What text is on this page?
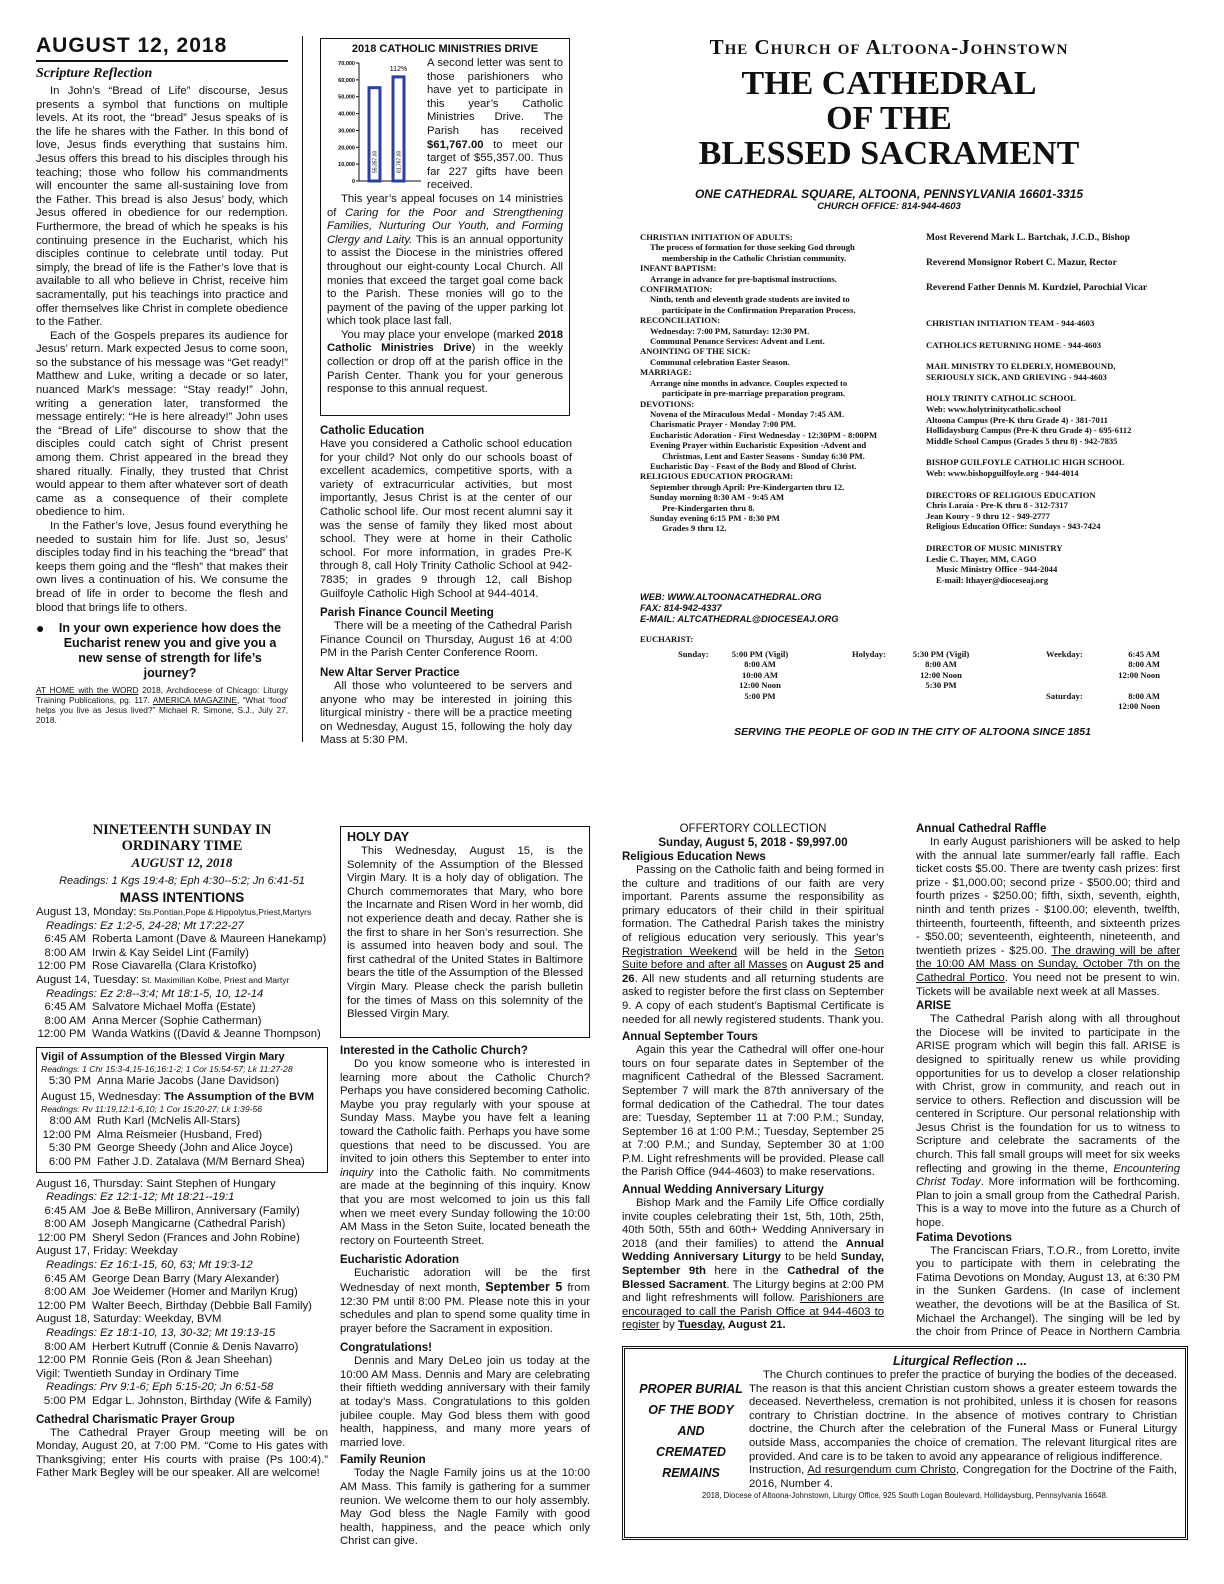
AUGUST 12, 2018
Scripture Reflection

In John’s “Bread of Life” discourse, Jesus presents a symbol that functions on multiple levels. At its root, the “bread” Jesus speaks of is the life he shares with the Father. In this bond of love, Jesus finds everything that sustains him. Jesus offers this bread to his disciples through his teaching; those who follow his commandments will encounter the same all-sustaining love from the Father. This bread is also Jesus’ body, which Jesus offered in obedience for our redemption. Furthermore, the bread of which he speaks is his continuing presence in the Eucharist, which his disciples continue to celebrate until today. Put simply, the bread of life is the Father’s love that is available to all who believe in Christ, receive him sacramentally, put his teachings into practice and offer themselves like Christ in complete obedience to the Father.

Each of the Gospels prepares its audience for Jesus’ return. Mark expected Jesus to come soon, so the substance of his message was “Get ready!” Matthew and Luke, writing a decade or so later, nuanced Mark’s message: “Stay ready!” John, writing a generation later, transformed the message entirely: “He is here already!” John uses the “Bread of Life” discourse to show that the disciples could catch sight of Christ present among them. Christ appeared in the bread they shared ritually. Finally, they trusted that Christ would appear to them after whatever sort of death came as a consequence of their complete obedience to him.

In the Father’s love, Jesus found everything he needed to sustain him for life. Just so, Jesus’ disciples today find in his teaching the “bread” that keeps them going and the “flesh” that makes their own lives a continuation of his. We consume the bread of life in order to become the flesh and blood that brings life to others.

●	In your own experience how does the Eucharist renew you and give you a new sense of strength for life’s journey?
AT HOME with the WORD 2018, Archdiocese of Chicago: Liturgy Training Publications, pg. 117. AMERICA MAGAZINE, “What ‘food’ helps you live as Jesus lived?” Michael R. Simone, S.J., July 27, 2018.
2018 CATHOLIC MINISTRIES DRIVE
0
10,000
20,000
30,000
40,000
50,000
60,000
70,000
55,357.00	61,767.00
112%

A second letter was sent to those parishioners who have yet to participate in this year’s Catholic Ministries Drive. The Parish has received $61,767.00 to meet our target of $55,357.00. Thus far 227 gifts have been received.

This year’s appeal focuses on 14 ministries of Caring for the Poor and Strengthening Families, Nurturing Our Youth, and Forming Clergy and Laity. This is an annual opportunity to assist the Diocese in the ministries offered throughout our eight-county Local Church. All monies that exceed the target goal come back to the Parish. These monies will go to the payment of the paving of the upper parking lot which took place last fall.

You may place your envelope (marked 2018 Catholic Ministries Drive) in the weekly collection or drop off at the parish office in the Parish Center. Thank you for your generous response to this annual request.

Catholic Education

Have you considered a Catholic school education for your child? Not only do our schools boast of excellent academics, competitive sports, with a variety of extracurricular activities, but most importantly, Jesus Christ is at the center of our Catholic school life. Our most recent alumni say it was the sense of family they liked most about school. They were at home in their Catholic school. For more information, in grades Pre-K through 8, call Holy Trinity Catholic School at 942-7835; in grades 9 through 12, call Bishop Guilfoyle Catholic High School at 944-4014.

Parish Finance Council Meeting

There will be a meeting of the Cathedral Parish Finance Council on Thursday, August 16 at 4:00 PM in the Parish Center Conference Room.

New Altar Server Practice

All those who volunteered to be servers and anyone who may be interested in joining this liturgical ministry - there will be a practice meeting on Wednesday, August 15, following the holy day Mass at 5:30 PM.

The Church of Altoona-Johnstown
THE CATHEDRAL
OF THE
BLESSED SACRAMENT
ONE CATHEDRAL SQUARE, ALTOONA, PENNSYLVANIA 16601-3315
CHURCH OFFICE: 814-944-4603
CHRISTIAN INITIATION OF ADULTS:
The process of formation for those seeking God through
membership in the Catholic Christian community.
INFANT BAPTISM:
Arrange in advance for pre-baptismal instructions.
CONFIRMATION:
Ninth, tenth and eleventh grade students are invited to
participate in the Confirmation Preparation Process.
RECONCILIATION:
Wednesday: 7:00 PM, Saturday: 12:30 PM.
Communal Penance Services: Advent and Lent.
ANOINTING OF THE SICK:
Communal celebration Easter Season.
MARRIAGE:
Arrange nine months in advance. Couples expected to
participate in pre-marriage preparation program.
DEVOTIONS:
Novena of the Miraculous Medal - Monday 7:45 AM.
Charismatic Prayer - Monday 7:00 PM.
Eucharistic Adoration - First Wednesday - 12:30PM - 8:00PM
Evening Prayer within Eucharistic Exposition -Advent and
Christmas, Lent and Easter Seasons - Sunday 6:30 PM.
Eucharistic Day - Feast of the Body and Blood of Christ.
RELIGIOUS EDUCATION PROGRAM:
September through April: Pre-Kindergarten thru 12.
Sunday morning 8:30 AM - 9:45 AM
Pre-Kindergarten thru 8.
Sunday evening 6:15 PM - 8:30 PM
Grades 9 thru 12.
WEB: WWW.ALTOONACATHEDRAL.ORG
FAX: 814-942-4337
E-MAIL: ALTCATHEDRAL@DIOCESEAJ.ORG
Most Reverend Mark L. Bartchak, J.C.D., Bishop
Reverend Monsignor Robert C. Mazur, Rector
Reverend Father Dennis M. Kurdziel, Parochial Vicar
CHRISTIAN INITIATION TEAM - 944-4603
CATHOLICS RETURNING HOME - 944-4603
MAIL MINISTRY TO ELDERLY, HOMEBOUND,
SERIOUSLY SICK, AND GRIEVING - 944-4603
HOLY TRINITY CATHOLIC SCHOOL
Web: www.holytrinitycatholic.school
Altoona Campus (Pre-K thru Grade 4) - 381-7011
Hollidaysburg Campus (Pre-K thru Grade 4) - 695-6112
Middle School Campus (Grades 5 thru 8) - 942-7835
BISHOP GUILFOYLE CATHOLIC HIGH SCHOOL
Web: www.bishopguilfoyle.org - 944-4014
DIRECTORS OF RELIGIOUS EDUCATION
Chris Laraia - Pre-K thru 8 - 312-7317
Jean Koury - 9 thru 12 - 949-2777
Religious Education Office: Sundays - 943-7424
DIRECTOR OF MUSIC MINISTRY
Leslie C. Thayer, MM, CAGO
Music Ministry Office - 944-2044
E-mail: lthayer@dioceseaj.org
EUCHARIST:
Sunday:	5:00 PM (Vigil)
8:00 AM
10:00 AM
12:00 Noon
5:00 PM
Holyday:	5:30 PM (Vigil)
8:00 AM
12:00 Noon
5:30 PM
Weekday:	6:45 AM
8:00 AM
12:00 Noon
Saturday:	8:00 AM
12:00 Noon
SERVING THE PEOPLE OF GOD IN THE CITY OF ALTOONA SINCE 1851
NINETEENTH SUNDAY IN
ORDINARY TIME
AUGUST 12, 2018
Readings: 1 Kgs 19:4-8; Eph 4:30--5:2; Jn 6:41-51
MASS INTENTIONS
August 13, Monday: Sts.Pontian,Pope & Hippolytus,Priest,Martyrs
Readings: Ez 1:2-5, 24-28; Mt 17:22-27
6:45 AM	Roberta Lamont (Dave & Maureen Hanekamp)
8:00 AM	Irwin & Kay Seidel Lint (Family)
12:00 PM	Rose Ciavarella (Clara Kristofko)
August 14, Tuesday: St. Maximilian Kolbe, Priest and Martyr
Readings: Ez 2:8--3:4; Mt 18:1-5, 10, 12-14
6:45 AM	Salvatore Michael Moffa (Estate)
8:00 AM	Anna Mercer (Sophie Catherman)
12:00 PM	Wanda Watkins ((David & Jeanne Thompson)
Vigil of Assumption of the Blessed Virgin Mary
Readings: 1 Chr 15:3-4,15-16;16:1-2; 1 Cor 15:54-57; Lk 11:27-28
5:30 PM	Anna Marie Jacobs (Jane Davidson)
August 15, Wednesday: The Assumption of the BVM
Readings: Rv 11:19,12:1-6,10; 1 Cor 15:20-27; Lk 1:39-56
8:00 AM	Ruth Karl (McNelis All-Stars)
12:00 PM	Alma Reismeier (Husband, Fred)
5:30 PM	George Sheedy (John and Alice Joyce)
6:00 PM	Father J.D. Zatalava (M/M Bernard Shea)
August 16, Thursday: Saint Stephen of Hungary
Readings: Ez 12:1-12; Mt 18:21--19:1
6:45 AM	Joe & BeBe Milliron, Anniversary (Family)
8:00 AM	Joseph Mangicarne (Cathedral Parish)
12:00 PM	Sheryl Sedon (Frances and John Robine)
August 17, Friday: Weekday
Readings: Ez 16:1-15, 60, 63; Mt 19:3-12
6:45 AM	George Dean Barry (Mary Alexander)
8:00 AM	Joe Weidemer (Homer and Marilyn Krug)
12:00 PM	Walter Beech, Birthday (Debbie Ball Family)
August 18, Saturday: Weekday, BVM
Readings: Ez 18:1-10, 13, 30-32; Mt 19:13-15
8:00 AM	Herbert Kutruff (Connie & Denis Navarro)
12:00 PM	Ronnie Geis (Ron & Jean Sheehan)
Vigil: Twentieth Sunday in Ordinary Time
Readings: Prv 9:1-6; Eph 5:15-20; Jn 6:51-58
5:00 PM	Edgar L. Johnston, Birthday (Wife & Family)
Cathedral Charismatic Prayer Group

The Cathedral Prayer Group meeting will be on Monday, August 20, at 7:00 PM. “Come to His gates with Thanksgiving; enter His courts with praise (Ps 100:4).” Father Mark Begley will be our speaker. All are welcome!

HOLY DAY

This Wednesday, August 15, is the Solemnity of the Assumption of the Blessed Virgin Mary. It is a holy day of obligation. The Church commemorates that Mary, who bore the Incarnate and Risen Word in her womb, did not experience death and decay. Rather she is the first to share in her Son’s resurrection. She is assumed into heaven body and soul. The first cathedral of the United States in Baltimore bears the title of the Assumption of the Blessed Virgin Mary. Please check the parish bulletin for the times of Mass on this solemnity of the Blessed Virgin Mary.

Interested in the Catholic Church?

Do you know someone who is interested in learning more about the Catholic Church? Perhaps you have considered becoming Catholic. Maybe you pray regularly with your spouse at Sunday Mass. Maybe you have felt a leaning toward the Catholic faith. Perhaps you have some questions that need to be discussed. You are invited to join others this September to enter into inquiry into the Catholic faith. No commitments are made at the beginning of this inquiry. Know that you are most welcomed to join us this fall when we meet every Sunday following the 10:00 AM Mass in the Seton Suite, located beneath the rectory on Fourteenth Street.

Eucharistic Adoration

Eucharistic adoration will be the first Wednesday of next month, September 5 from 12:30 PM until 8:00 PM. Please note this in your schedules and plan to spend some quality time in prayer before the Sacrament in exposition.

Congratulations!

Dennis and Mary DeLeo join us today at the 10:00 AM Mass. Dennis and Mary are celebrating their fiftieth wedding anniversary with their family at today’s Mass. Congratulations to this golden jubilee couple. May God bless them with good health, happiness, and many more years of married love.

Family Reunion

Today the Nagle Family joins us at the 10:00 AM Mass. This family is gathering for a summer reunion. We welcome them to our holy assembly. May God bless the Nagle Family with good health, happiness, and the peace which only Christ can give.

OFFERTORY COLLECTION
Sunday, August 5, 2018 - $9,997.00
Religious Education News

Passing on the Catholic faith and being formed in the culture and traditions of our faith are very important. Parents assume the responsibility as primary educators of their child in their spiritual formation. The Cathedral Parish takes the ministry of religious education very seriously. This year’s Registration Weekend will be held in the Seton Suite before and after all Masses on August 25 and 26. All new students and all returning students are asked to register before the first class on September 9. A copy of each student’s Baptismal Certificate is needed for all newly registered students. Thank you.

Annual September Tours

Again this year the Cathedral will offer one-hour tours on four separate dates in September of the magnificent Cathedral of the Blessed Sacrament. September 7 will mark the 87th anniversary of the formal dedication of the Cathedral. The tour dates are: Tuesday, September 11 at 7:00 P.M.; Sunday, September 16 at 1:00 P.M.; Tuesday, September 25 at 7:00 P.M.; and Sunday, September 30 at 1:00 P.M. Light refreshments will be provided. Please call the Parish Office (944-4603) to make reservations.

Annual Wedding Anniversary Liturgy

Bishop Mark and the Family Life Office cordially invite couples celebrating their 1st, 5th, 10th, 25th, 40th 50th, 55th and 60th+ Wedding Anniversary in 2018 (and their families) to attend the Annual Wedding Anniversary Liturgy to be held Sunday, September 9th here in the Cathedral of the Blessed Sacrament. The Liturgy begins at 2:00 PM and light refreshments will follow. Parishioners are encouraged to call the Parish Office at 944-4603 to register by Tuesday, August 21.

Annual Cathedral Raffle

In early August parishioners will be asked to help with the annual late summer/early fall raffle. Each ticket costs $5.00. There are twenty cash prizes: first prize - $1,000.00; second prize - $500.00; third and fourth prizes - $250.00; fifth, sixth, seventh, eighth, ninth and tenth prizes - $100.00; eleventh, twelfth, thirteenth, fourteenth, fifteenth, and sixteenth prizes - $50.00; seventeenth, eighteenth, nineteenth, and twentieth prizes - $25.00. The drawing will be after the 10:00 AM Mass on Sunday, October 7th on the Cathedral Portico. You need not be present to win. Tickets will be available next week at all Masses.

ARISE

The Cathedral Parish along with all throughout the Diocese will be invited to participate in the ARISE program which will begin this fall. ARISE is designed to spiritually renew us while providing opportunities for us to develop a closer relationship with Christ, grow in community, and reach out in service to others. Reflection and discussion will be centered in Scripture. Our personal relationship with Jesus Christ is the foundation for us to witness to Scripture and celebrate the sacraments of the church. This fall small groups will meet for six weeks reflecting and growing in the theme, Encountering Christ Today. More information will be forthcoming. Plan to join a small group from the Cathedral Parish. This is a way to move into the future as a Church of hope.

Fatima Devotions

The Franciscan Friars, T.O.R., from Loretto, invite you to participate with them in celebrating the Fatima Devotions on Monday, August 13, at 6:30 PM in the Sunken Gardens. (In case of inclement weather, the devotions will be at the Basilica of St. Michael the Archangel). The singing will be led by the choir from Prince of Peace in Northern Cambria

Liturgical Reflection ...
PROPER BURIAL
OF THE BODY
AND
CREMATED
REMAINS

The Church continues to prefer the practice of burying the bodies of the deceased. The reason is that this ancient Christian custom shows a greater esteem towards the deceased. Nevertheless, cremation is not prohibited, unless it is chosen for reasons contrary to Christian doctrine. In the absence of motives contrary to Christian doctrine, the Church after the celebration of the Funeral Mass or Funeral Liturgy outside Mass, accompanies the choice of cremation. The relevant liturgical rites are provided. And care is to be taken to avoid any appearance of religious indifference.

Instruction, Ad resurgendum cum Christo, Congregation for the Doctrine of the Faith, 2016, Number 4.

2018, Diocese of Altoona-Johnstown, Liturgy Office, 925 South Logan Boulevard, Hollidaysburg, Pennsylvania 16648.
